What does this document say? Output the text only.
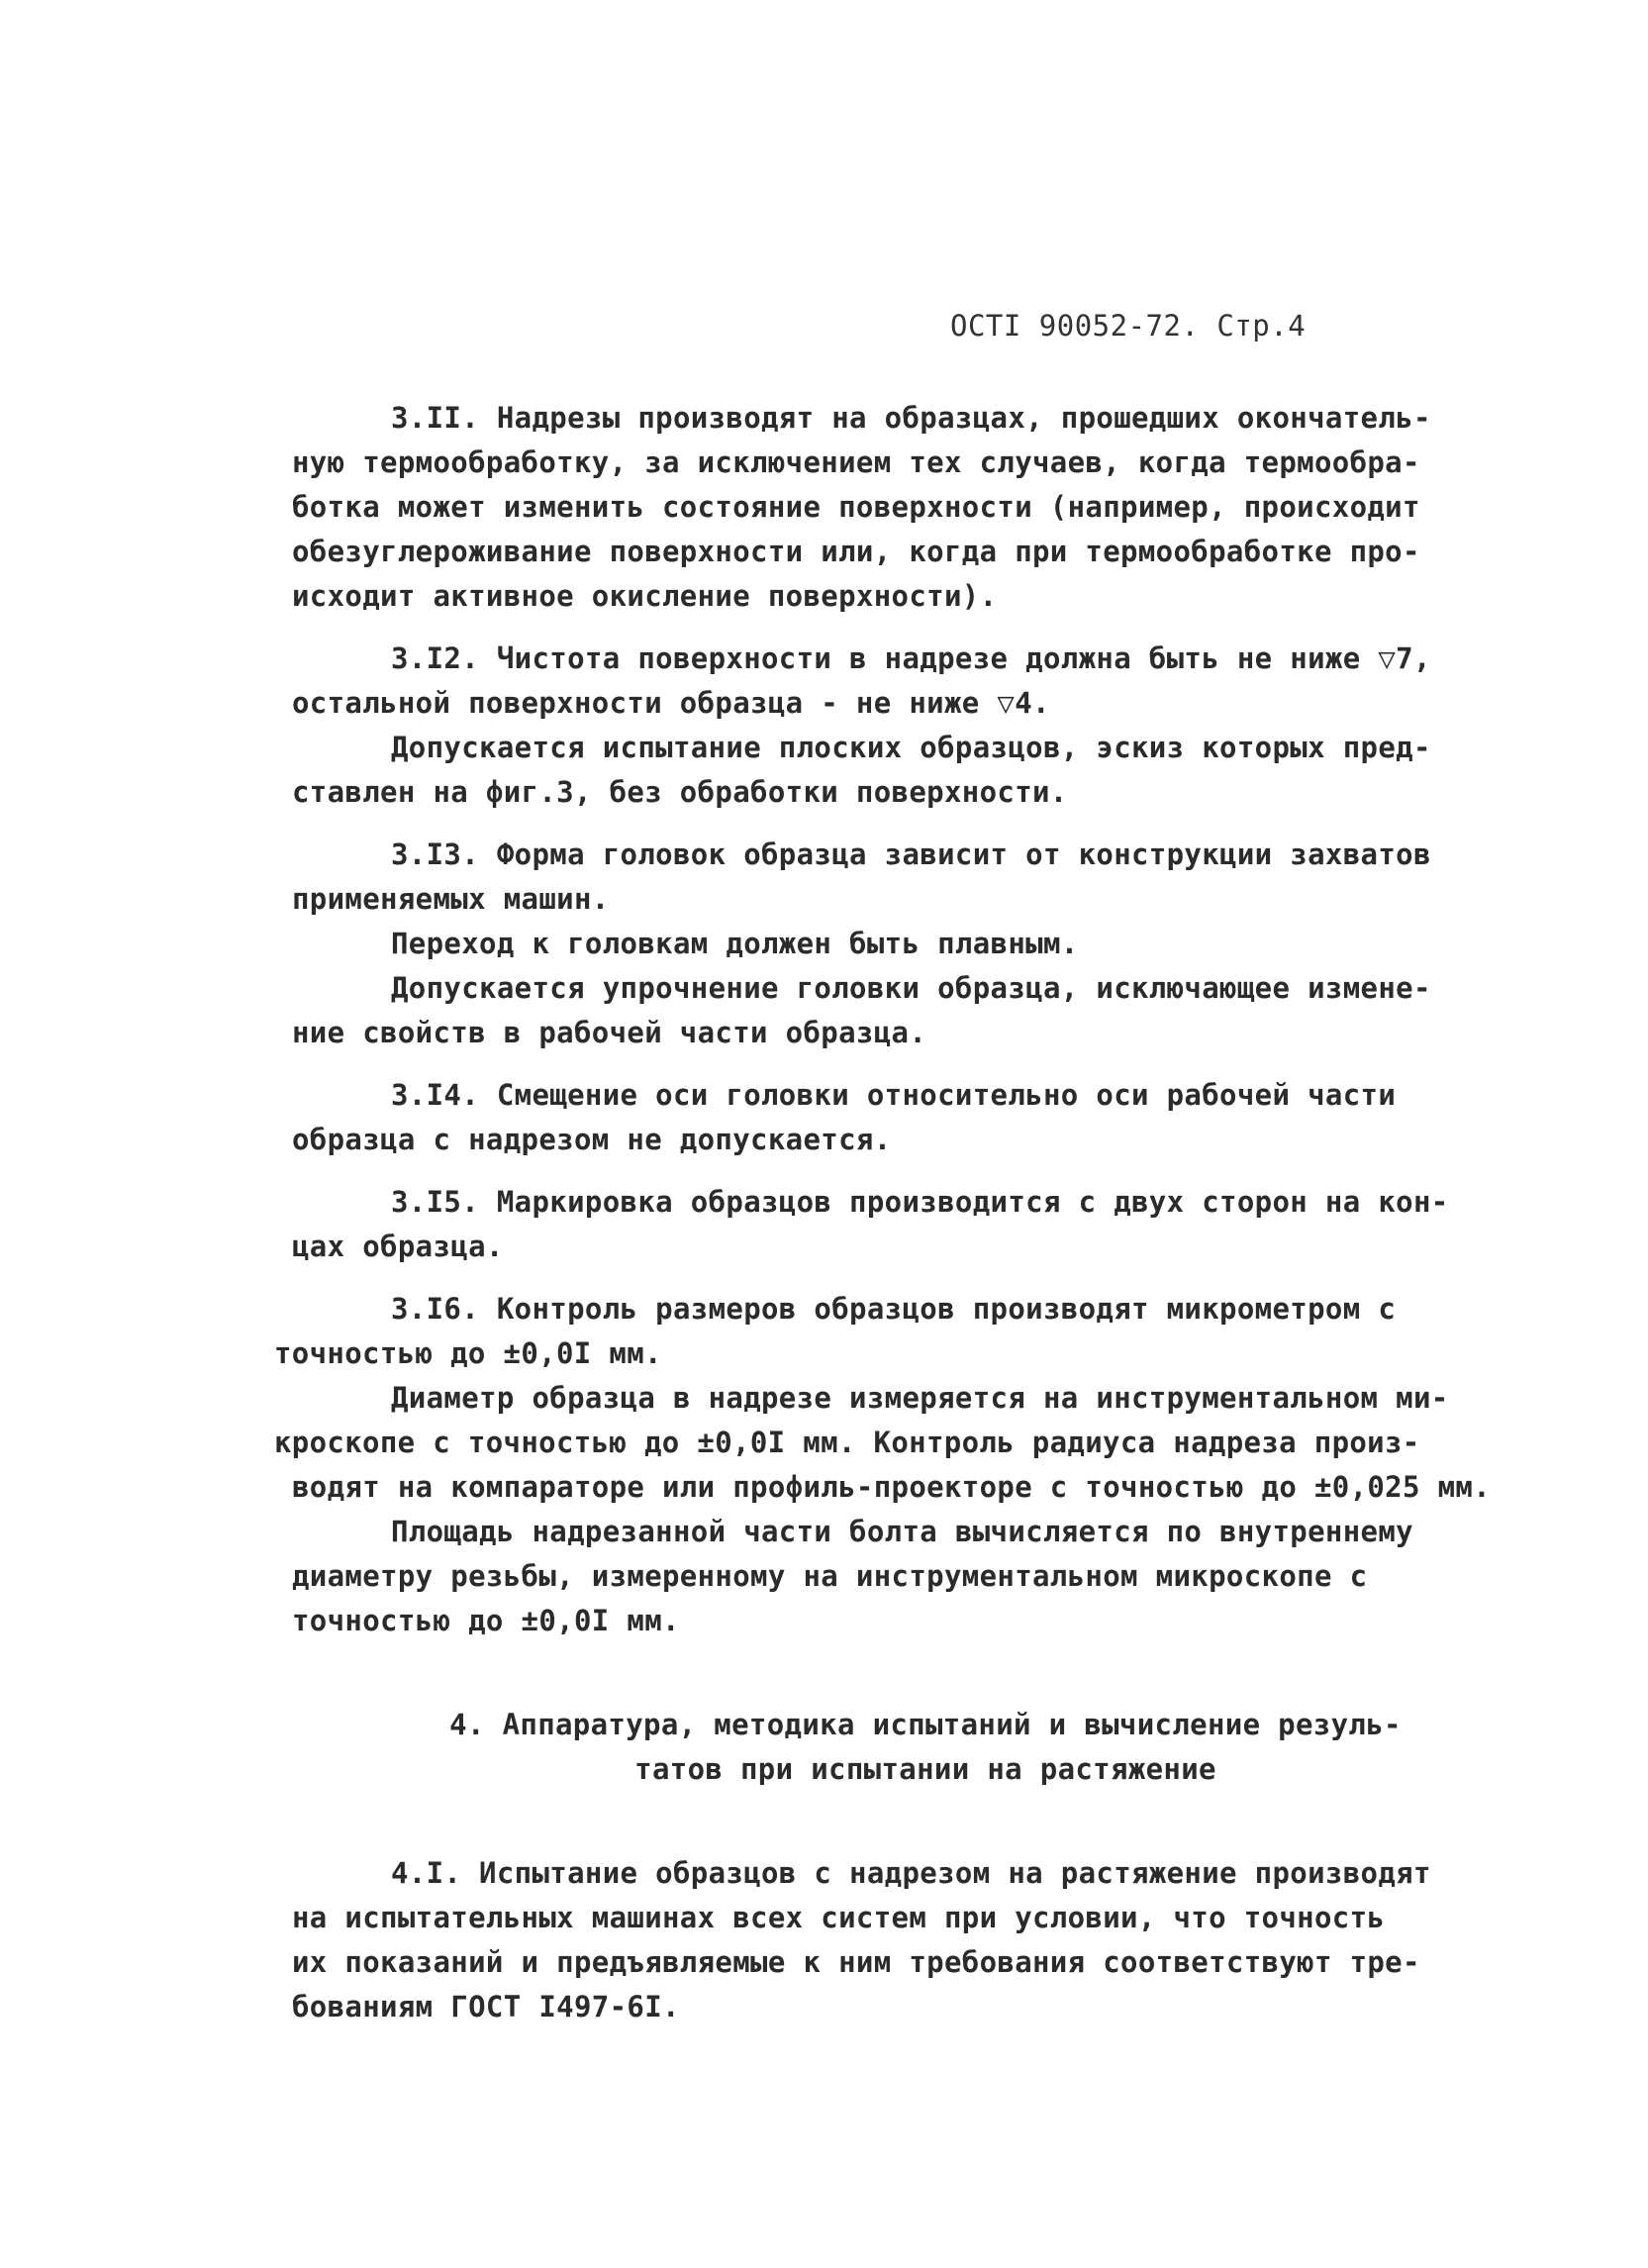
ОСТI 90052-72. Стр.4
3.II. Надрезы производят на образцах, прошедших окончатель-
ную термообработку, за исключением тех случаев, когда термообра-
ботка может изменить состояние поверхности (например, происходит
обезуглероживание поверхности или, когда при термообработке про-
исходит активное окисление поверхности).
3.I2. Чистота поверхности в надрезе должна быть не ниже ▽7,
остальной поверхности образца - не ниже ▽4.
Допускается испытание плоских образцов, эскиз которых пред-
ставлен на фиг.3, без обработки поверхности.
3.I3. Форма головок образца зависит от конструкции захватов
применяемых машин.
Переход к головкам должен быть плавным.
Допускается упрочнение головки образца, исключающее измене-
ние свойств в рабочей части образца.
3.I4. Смещение оси головки относительно оси рабочей части
образца с надрезом не допускается.
3.I5. Маркировка образцов производится с двух сторон на кон-
цах образца.
3.I6. Контроль размеров образцов производят микрометром с
точностью до ±0,0I мм.
Диаметр образца в надрезе измеряется на инструментальном ми-
кроскопе с точностью до ±0,0I мм. Контроль радиуса надреза произ-
водят на компараторе или профиль-проекторе с точностью до ±0,025 мм.
Площадь надрезанной части болта вычисляется по внутреннему
диаметру резьбы, измеренному на инструментальном микроскопе с
точностью до ±0,0I мм.
4. Аппаратура, методика испытаний и вычисление резуль-
татов при испытании на растяжение
4.I. Испытание образцов с надрезом на растяжение производят
на испытательных машинах всех систем при условии, что точность
их показаний и предъявляемые к ним требования соответствуют тре-
бованиям ГОСТ I497-6I.
